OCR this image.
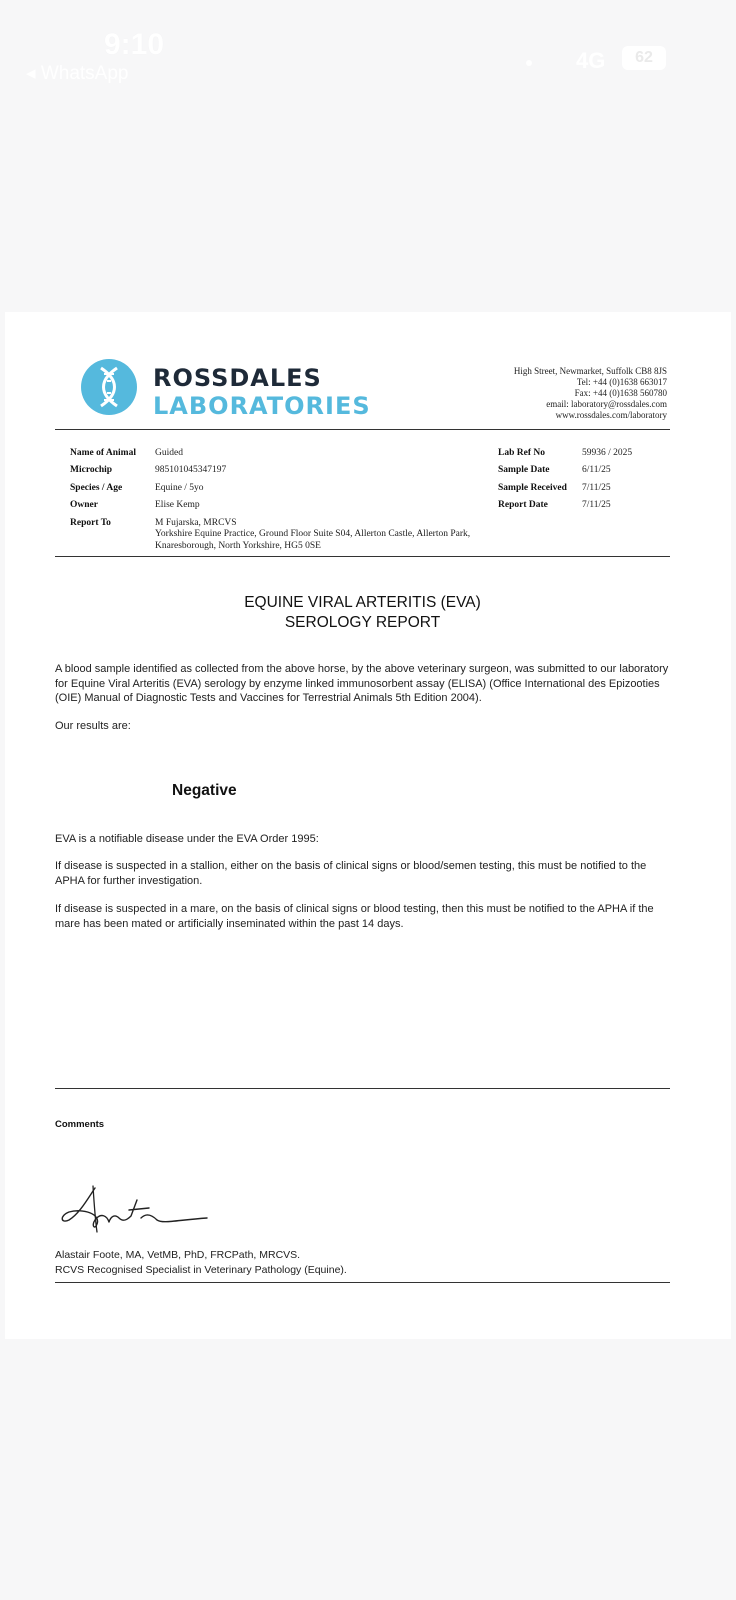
9:10
◂ WhatsApp
4G	62
ROSSDALES
LABORATORIES
High Street, Newmarket, Suffolk CB8 8JS
Tel: +44 (0)1638 663017
Fax: +44 (0)1638 560780
email: laboratory@rossdales.com
www.rossdales.com/laboratory
Name of Animal Guided
Microchip	985101045347197
Species / Age	Equine / 5yo
Owner	Elise Kemp
Report To	M Fujarska, MRCVS
Yorkshire Equine Practice, Ground Floor Suite S04, Allerton Castle, Allerton Park,
Knaresborough, North Yorkshire, HG5 0SE
Lab Ref No	59936 / 2025
Sample Date	6/11/25
Sample Received 7/11/25
Report Date	7/11/25
EQUINE VIRAL ARTERITIS (EVA)
SEROLOGY REPORT

A blood sample identified as collected from the above horse, by the above veterinary surgeon, was submitted to our laboratory for Equine Viral Arteritis (EVA) serology by enzyme linked immunosorbent assay (ELISA) (Office International des Epizooties (OIE) Manual of Diagnostic Tests and Vaccines for Terrestrial Animals 5th Edition 2004).

Our results are:

Negative

EVA is a notifiable disease under the EVA Order 1995:

If disease is suspected in a stallion, either on the basis of clinical signs or blood/semen testing, this must be notified to the APHA for further investigation.

If disease is suspected in a mare, on the basis of clinical signs or blood testing, then this must be notified to the APHA if the mare has been mated or artificially inseminated within the past 14 days.

Comments
Alastair Foote, MA, VetMB, PhD, FRCPath, MRCVS.
RCVS Recognised Specialist in Veterinary Pathology (Equine).
